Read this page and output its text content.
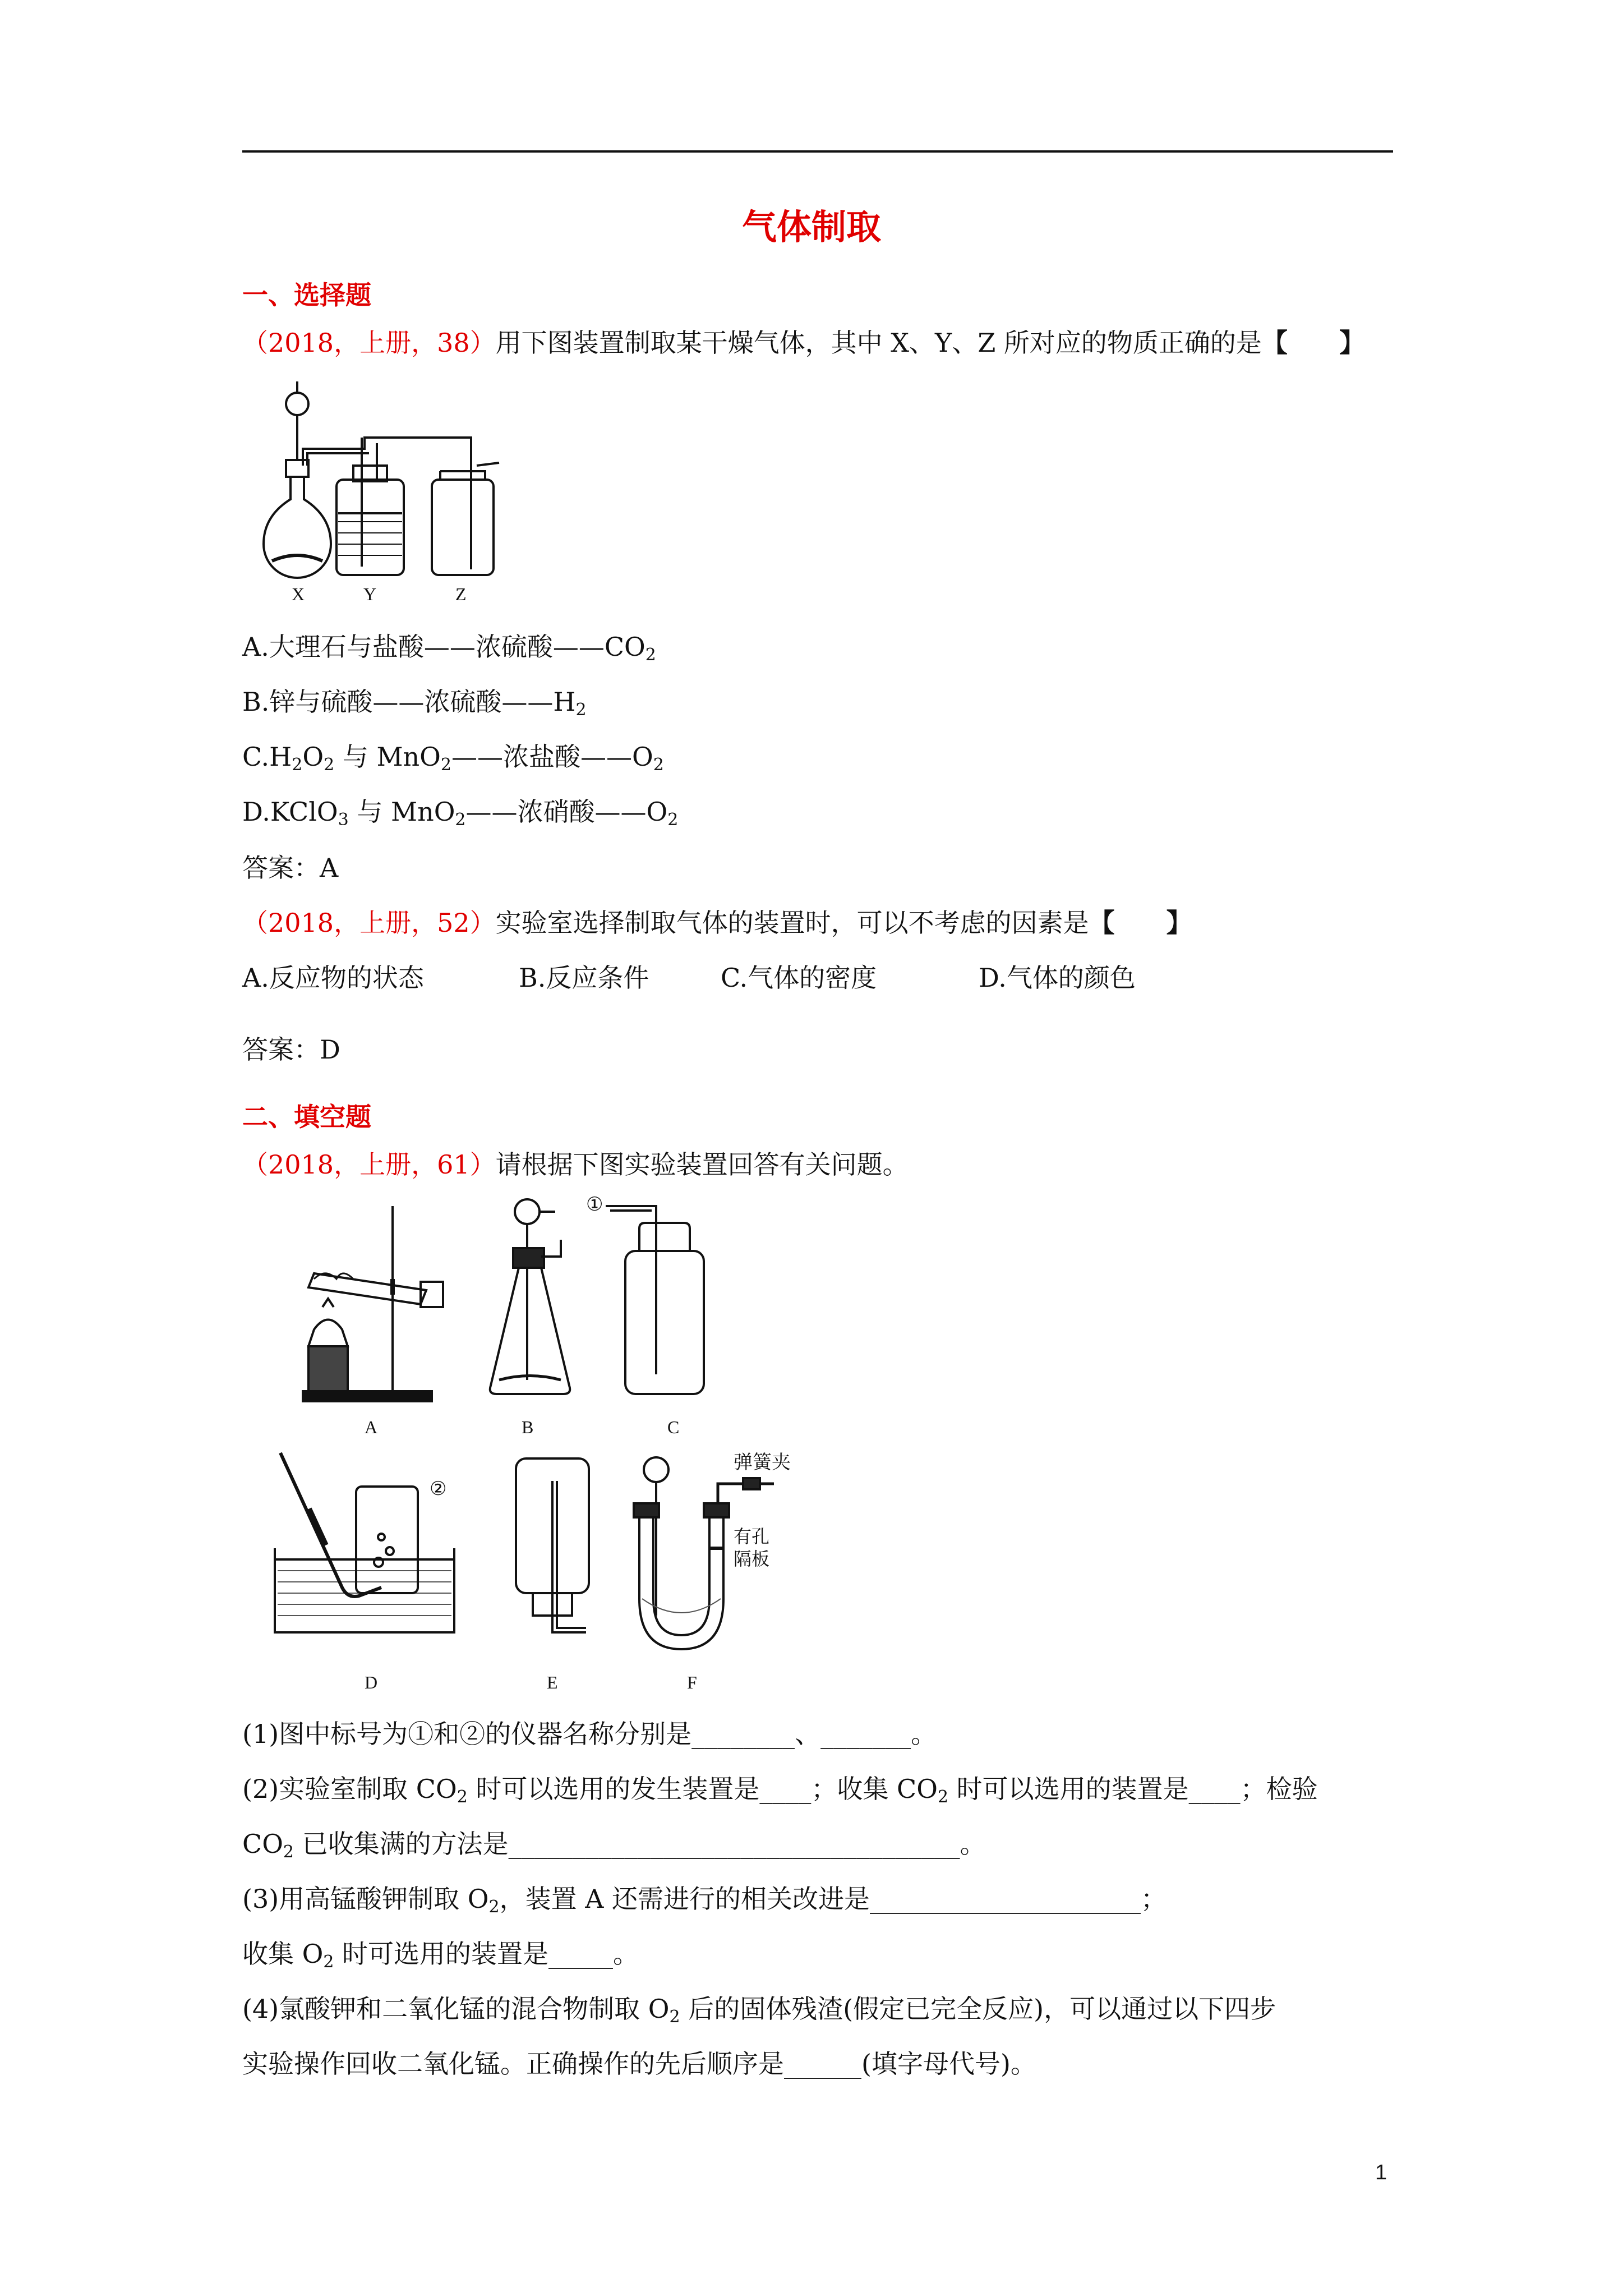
气体制取
一、选择题
（2018，上册，38）用下图装置制取某干燥气体，其中 X、Y、Z 所对应的物质正确的是【　　】
X	Y	Z
A.大理石与盐酸——浓硫酸$——CO_2$
B.锌与硫酸——浓硫酸$——H_2$
$C.H_2O_2$ 与 MnO$_2$——浓盐酸$——O_2$
D.KClO$_3$ 与 MnO$_2$——浓硝酸$——O_2$
答案：A
（2018，上册，52）实验室选择制取气体的装置时，可以不考虑的因素是【　　】
A.反应物的状态	B.反应条件	C.气体的密度	D.气体的颜色
答案：D
二、填空题
（2018，上册，61）请根据下图实验装置回答有关问题。
①
A	B	C
②
弹簧夹
有孔
隔板
D	E	F
(1)图中标号为①和②的仪器名称分别是________、_______。
(2)实验室制取 $CO_2$ 时可以选用的发生装置是____；收集 $CO_2$ 时可以选用的装置是____；检验
$CO_2$ 已收集满的方法是___________________________________。
(3)用高锰酸钾制取 $O_2$，装置 A 还需进行的相关改进是_____________________；
收集 $O_2$ 时可选用的装置是_____。
(4)氯酸钾和二氧化锰的混合物制取 $O_2$ 后的固体残渣(假定已完全反应)，可以通过以下四步
实验操作回收二氧化锰。正确操作的先后顺序是______(填字母代号)。
1
